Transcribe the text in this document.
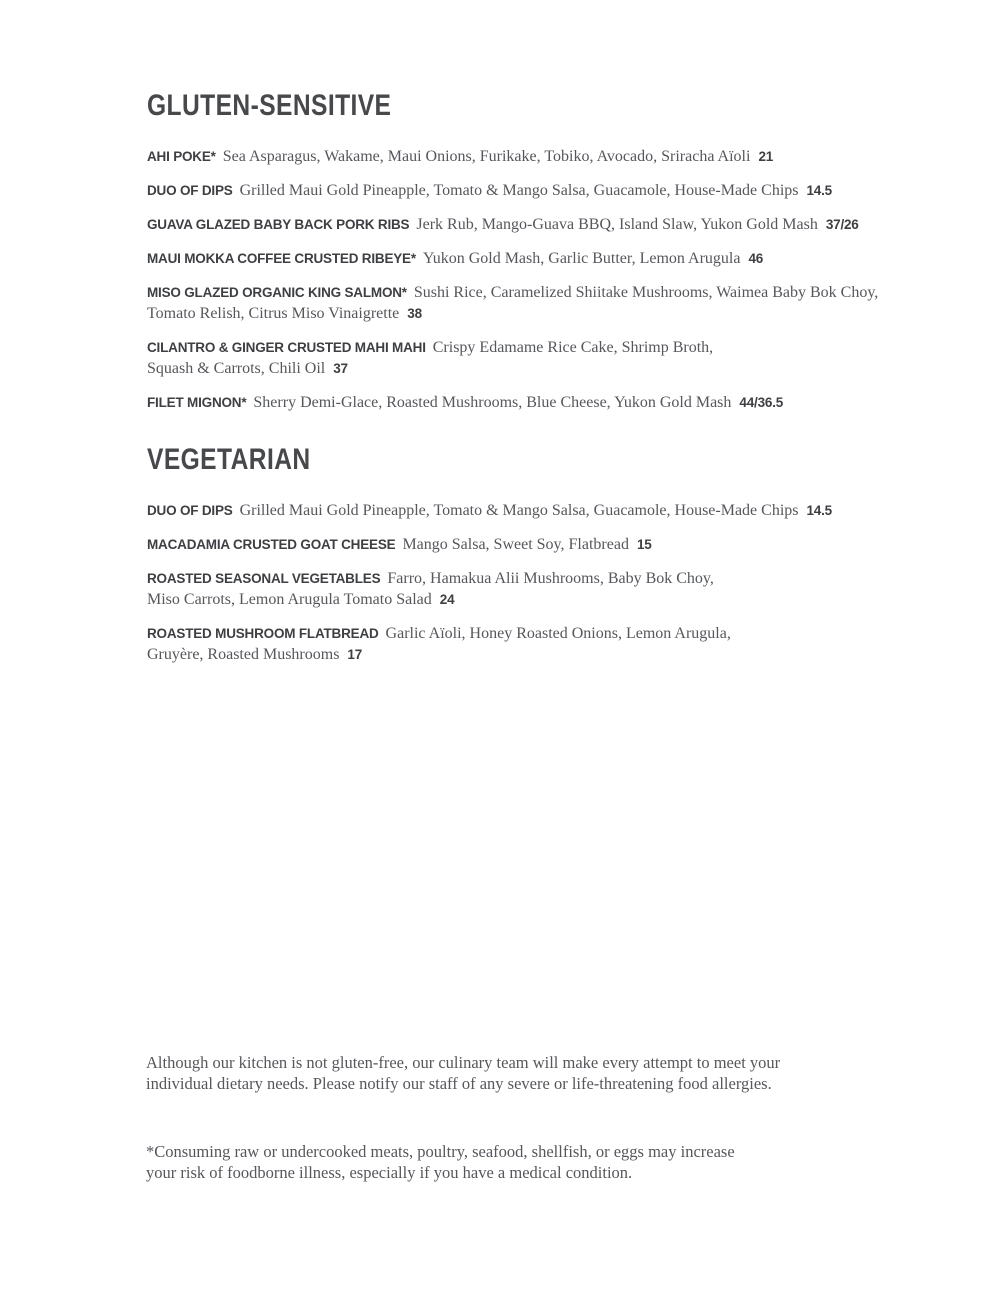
GLUTEN-SENSITIVE

AHI POKE* Sea Asparagus, Wakame, Maui Onions, Furikake, Tobiko, Avocado, Sriracha Aïoli 21

DUO OF DIPS Grilled Maui Gold Pineapple, Tomato & Mango Salsa, Guacamole, House-Made Chips 14.5

GUAVA GLAZED BABY BACK PORK RIBS Jerk Rub, Mango-Guava BBQ, Island Slaw, Yukon Gold Mash 37/26

MAUI MOKKA COFFEE CRUSTED RIBEYE* Yukon Gold Mash, Garlic Butter, Lemon Arugula 46

MISO GLAZED ORGANIC KING SALMON* Sushi Rice, Caramelized Shiitake Mushrooms, Waimea Baby Bok Choy,
Tomato Relish, Citrus Miso Vinaigrette 38

CILANTRO & GINGER CRUSTED MAHI MAHI Crispy Edamame Rice Cake, Shrimp Broth,
Squash & Carrots, Chili Oil 37

FILET MIGNON* Sherry Demi-Glace, Roasted Mushrooms, Blue Cheese, Yukon Gold Mash 44/36.5

VEGETARIAN

DUO OF DIPS Grilled Maui Gold Pineapple, Tomato & Mango Salsa, Guacamole, House-Made Chips 14.5

MACADAMIA CRUSTED GOAT CHEESE Mango Salsa, Sweet Soy, Flatbread 15

ROASTED SEASONAL VEGETABLES Farro, Hamakua Alii Mushrooms, Baby Bok Choy,
Miso Carrots, Lemon Arugula Tomato Salad 24

ROASTED MUSHROOM FLATBREAD Garlic Aïoli, Honey Roasted Onions, Lemon Arugula,
Gruyère, Roasted Mushrooms 17

Although our kitchen is not gluten-free, our culinary team will make every attempt to meet your
individual dietary needs. Please notify our staff of any severe or life-threatening food allergies.

*Consuming raw or undercooked meats, poultry, seafood, shellfish, or eggs may increase
your risk of foodborne illness, especially if you have a medical condition.
